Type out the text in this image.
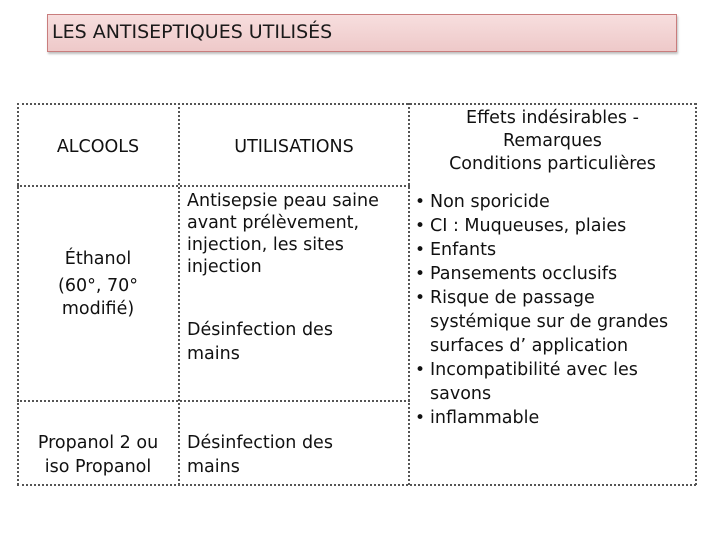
LES ANTISEPTIQUES UTILISÉS
ALCOOLS	UTILISATIONS
Effets indésirables -
Remarques
Conditions particulières
Éthanol
(60°, 70°
modifié)
Antisepsie peau saine
avant prélèvement,
injection, les sites
injection
Désinfection des
mains
Propanol 2 ou
iso Propanol
Désinfection des
mains
• Non sporicide
• CI : Muqueuses, plaies
• Enfants
• Pansements occlusifs
• Risque de passage
systémique sur de grandes
surfaces d’ application
• Incompatibilité avec les
savons
• inflammable
